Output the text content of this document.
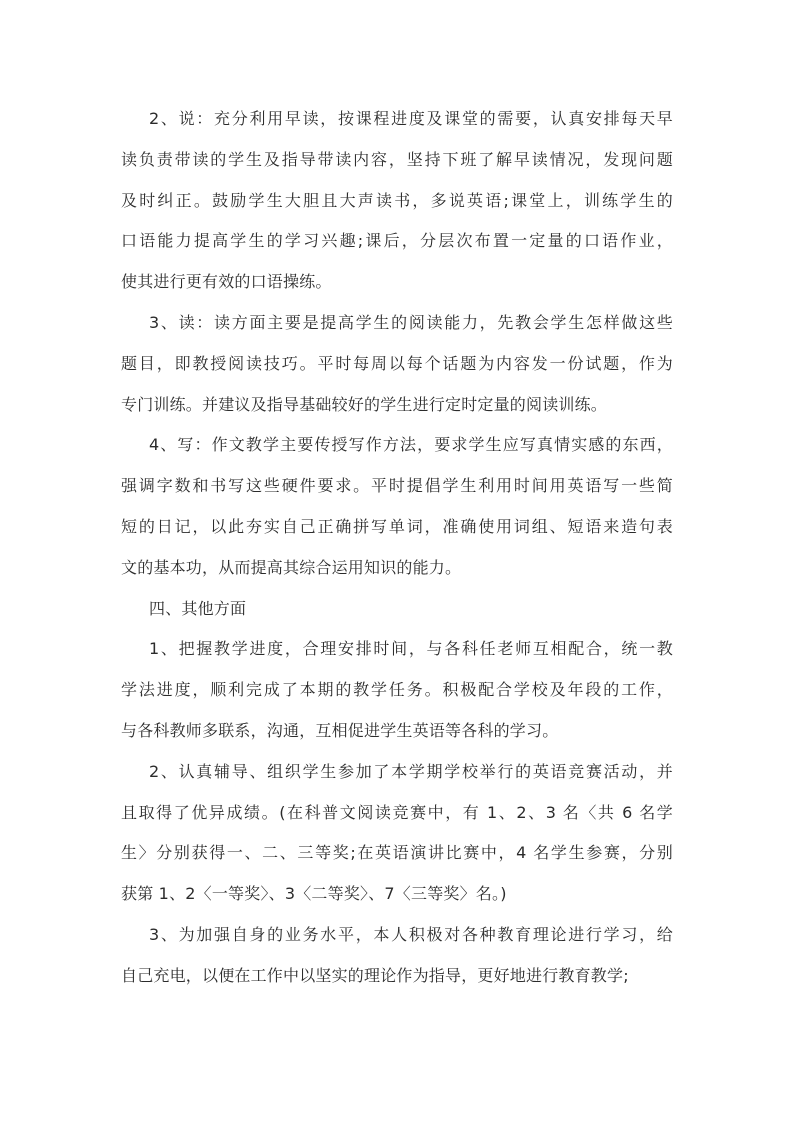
2、说：充分利用早读，按课程进度及课堂的需要，认真安排每天早
读负责带读的学生及指导带读内容，坚持下班了解早读情况，发现问题
及时纠正。鼓励学生大胆且大声读书，多说英语;课堂上，训练学生的
口语能力提高学生的学习兴趣;课后，分层次布置一定量的口语作业，
使其进行更有效的口语操练。
3、读：读方面主要是提高学生的阅读能力，先教会学生怎样做这些
题目，即教授阅读技巧。平时每周以每个话题为内容发一份试题，作为
专门训练。并建议及指导基础较好的学生进行定时定量的阅读训练。
4、写：作文教学主要传授写作方法，要求学生应写真情实感的东西，
强调字数和书写这些硬件要求。平时提倡学生利用时间用英语写一些简
短的日记，以此夯实自己正确拼写单词，准确使用词组、短语来造句表
文的基本功，从而提高其综合运用知识的能力。
四、其他方面
1、把握教学进度，合理安排时间，与各科任老师互相配合，统一教
学法进度，顺利完成了本期的教学任务。积极配合学校及年段的工作，
与各科教师多联系，沟通，互相促进学生英语等各科的学习。
2、认真辅导、组织学生参加了本学期学校举行的英语竞赛活动，并
且取得了优异成绩。(在科普文阅读竞赛中，有 1、2、3 名〈共 6 名学
生〉分别获得一、二、三等奖;在英语演讲比赛中，4 名学生参赛，分别
获第 1、2〈一等奖〉、3〈二等奖〉、7〈三等奖〉名。)
3、为加强自身的业务水平，本人积极对各种教育理论进行学习，给
自己充电，以便在工作中以坚实的理论作为指导，更好地进行教育教学;
